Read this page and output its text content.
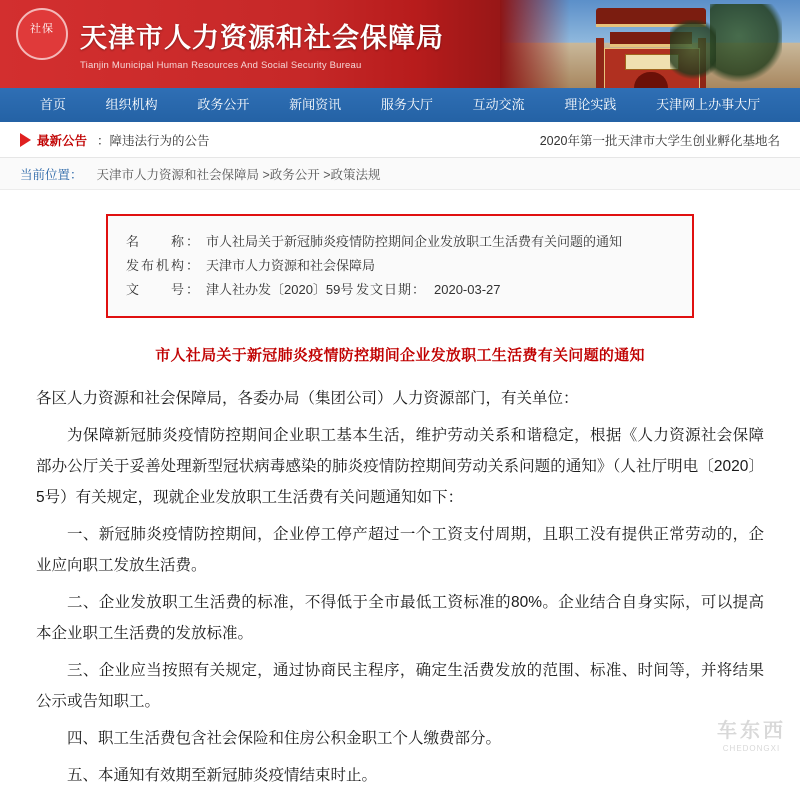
社保 天津市人力资源和社会保障局
Tianjin Municipal Human Resources And Social Security Bureau
首页	组织机构	政务公开	新闻资讯	服务大厅	互动交流	理论实践	天津网上办事大厅
最新公告 ：障违法行为的公告	2020年第一批天津市大学生创业孵化基地名
当前位置： 天津市人力资源和社会保障局 >政务公开 >政策法规
名　　称： 市人社局关于新冠肺炎疫情防控期间企业发放职工生活费有关问题的通知
发布机构： 天津市人力资源和社会保障局
文　　号： 津人社办发〔2020〕59号 发文日期： 2020-03-27
市人社局关于新冠肺炎疫情防控期间企业发放职工生活费有关问题的通知

各区人力资源和社会保障局，各委办局（集团公司）人力资源部门，有关单位：

为保障新冠肺炎疫情防控期间企业职工基本生活，维护劳动关系和谐稳定，根据《人力资源社会保障部办公厅关于妥善处理新型冠状病毒感染的肺炎疫情防控期间劳动关系问题的通知》（人社厅明电〔2020〕5号）有关规定，现就企业发放职工生活费有关问题通知如下：

一、新冠肺炎疫情防控期间，企业停工停产超过一个工资支付周期，且职工没有提供正常劳动的，企业应向职工发放生活费。

二、企业发放职工生活费的标准，不得低于全市最低工资标准的80%。企业结合自身实际，可以提高本企业职工生活费的发放标准。

三、企业应当按照有关规定，通过协商民主程序，确定生活费发放的范围、标准、时间等，并将结果公示或告知职工。

四、职工生活费包含社会保险和住房公积金职工个人缴费部分。

五、本通知有效期至新冠肺炎疫情结束时止。

车东西
CHEDONGXI
